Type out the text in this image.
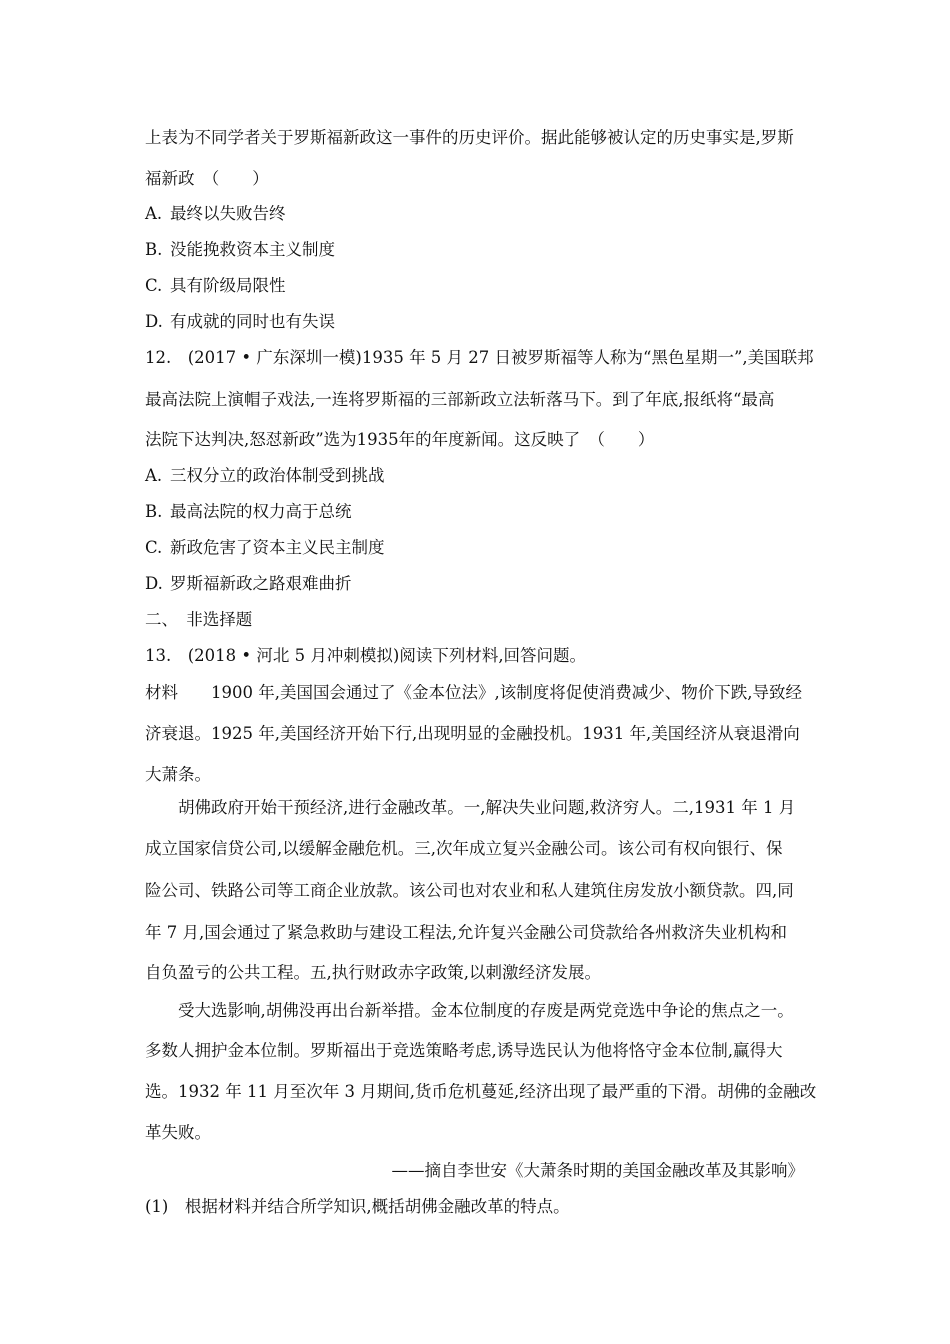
上表为不同学者关于罗斯福新政这一事件的历史评价。据此能够被认定的历史事实是,罗斯
福新政　（　　）
A. 最终以失败告终
B. 没能挽救资本主义制度
C. 具有阶级局限性
D. 有成就的同时也有失误
12.　(2017 • 广东深圳一模)1935 年 5 月 27 日被罗斯福等人称为“黑色星期一”,美国联邦
最高法院上演帽子戏法,一连将罗斯福的三部新政立法斩落马下。到了年底,报纸将“最高
法院下达判决,怒怼新政”选为1935年的年度新闻。这反映了　（　　）
A. 三权分立的政治体制受到挑战
B. 最高法院的权力高于总统
C. 新政危害了资本主义民主制度
D. 罗斯福新政之路艰难曲折
二、　非选择题
13.　(2018 • 河北 5 月冲刺模拟)阅读下列材料,回答问题。
材料　　1900 年,美国国会通过了《金本位法》,该制度将促使消费减少、物价下跌,导致经
济衰退。1925 年,美国经济开始下行,出现明显的金融投机。1931 年,美国经济从衰退滑向
大萧条。
胡佛政府开始干预经济,进行金融改革。一,解决失业问题,救济穷人。二,1931 年 1 月
成立国家信贷公司,以缓解金融危机。三,次年成立复兴金融公司。该公司有权向银行、保
险公司、铁路公司等工商企业放款。该公司也对农业和私人建筑住房发放小额贷款。四,同
年 7 月,国会通过了紧急救助与建设工程法,允许复兴金融公司贷款给各州救济失业机构和
自负盈亏的公共工程。五,执行财政赤字政策,以刺激经济发展。
受大选影响,胡佛没再出台新举措。金本位制度的存废是两党竞选中争论的焦点之一。
多数人拥护金本位制。罗斯福出于竞选策略考虑,诱导选民认为他将恪守金本位制,赢得大
选。1932 年 11 月至次年 3 月期间,货币危机蔓延,经济出现了最严重的下滑。胡佛的金融改
革失败。
——摘自李世安《大萧条时期的美国金融改革及其影响》
(1)　根据材料并结合所学知识,概括胡佛金融改革的特点。
